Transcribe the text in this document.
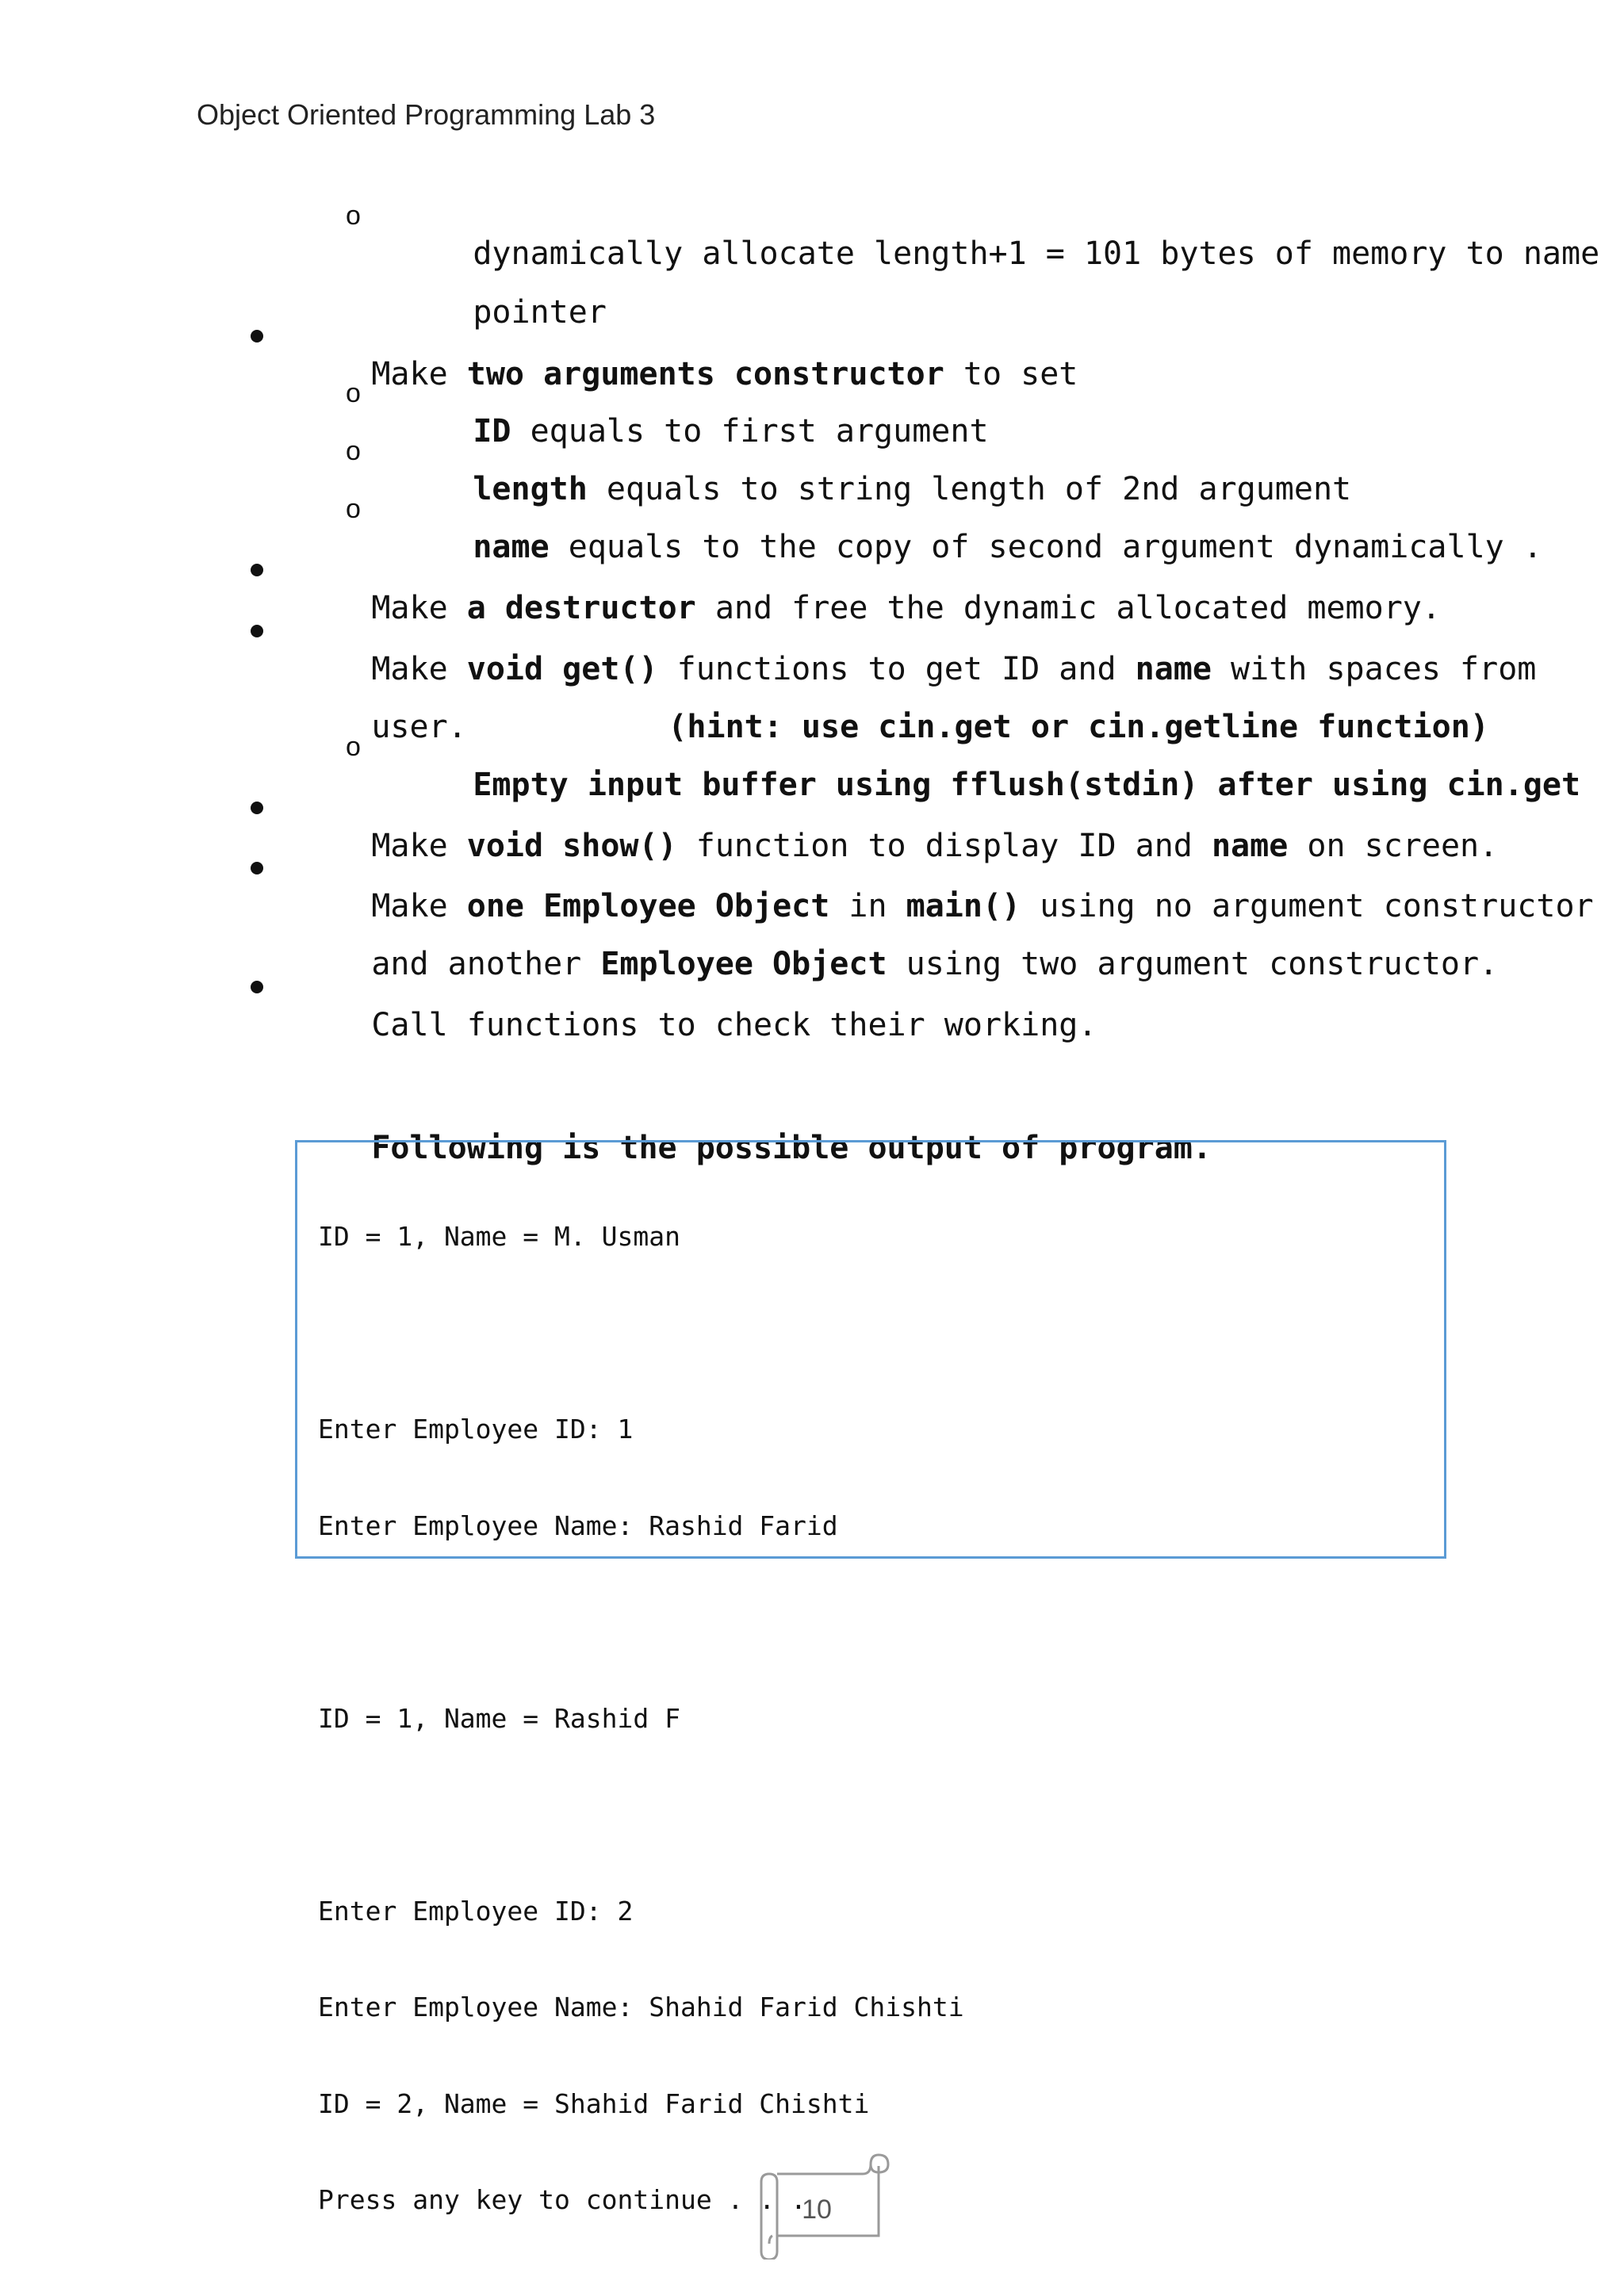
Object Oriented Programming Lab 3
o

dynamically allocate length+1 = 101 bytes of memory to name

pointer

Make two arguments constructor to set

o

ID equals to first argument

o

length equals to string length of 2nd argument

o

name equals to the copy of second argument dynamically .

Make a destructor and free the dynamic allocated memory.

Make void get() functions to get ID and name with spaces from

user.
	(hint: use cin.get or cin.getline function)

o

Empty input buffer using fflush(stdin) after using cin.get

Make void show() function to display ID and name on screen.

Make one Employee Object in main() using no argument constructor

and another Employee Object using two argument constructor.

Call functions to check their working.

Following is the possible output of program.

ID = 1, Name = M. Usman

Enter Employee ID: 1

Enter Employee Name: Rashid Farid

ID = 1, Name = Rashid F

Enter Employee ID: 2

Enter Employee Name: Shahid Farid Chishti

ID = 2, Name = Shahid Farid Chishti

Press any key to continue . . .

10
